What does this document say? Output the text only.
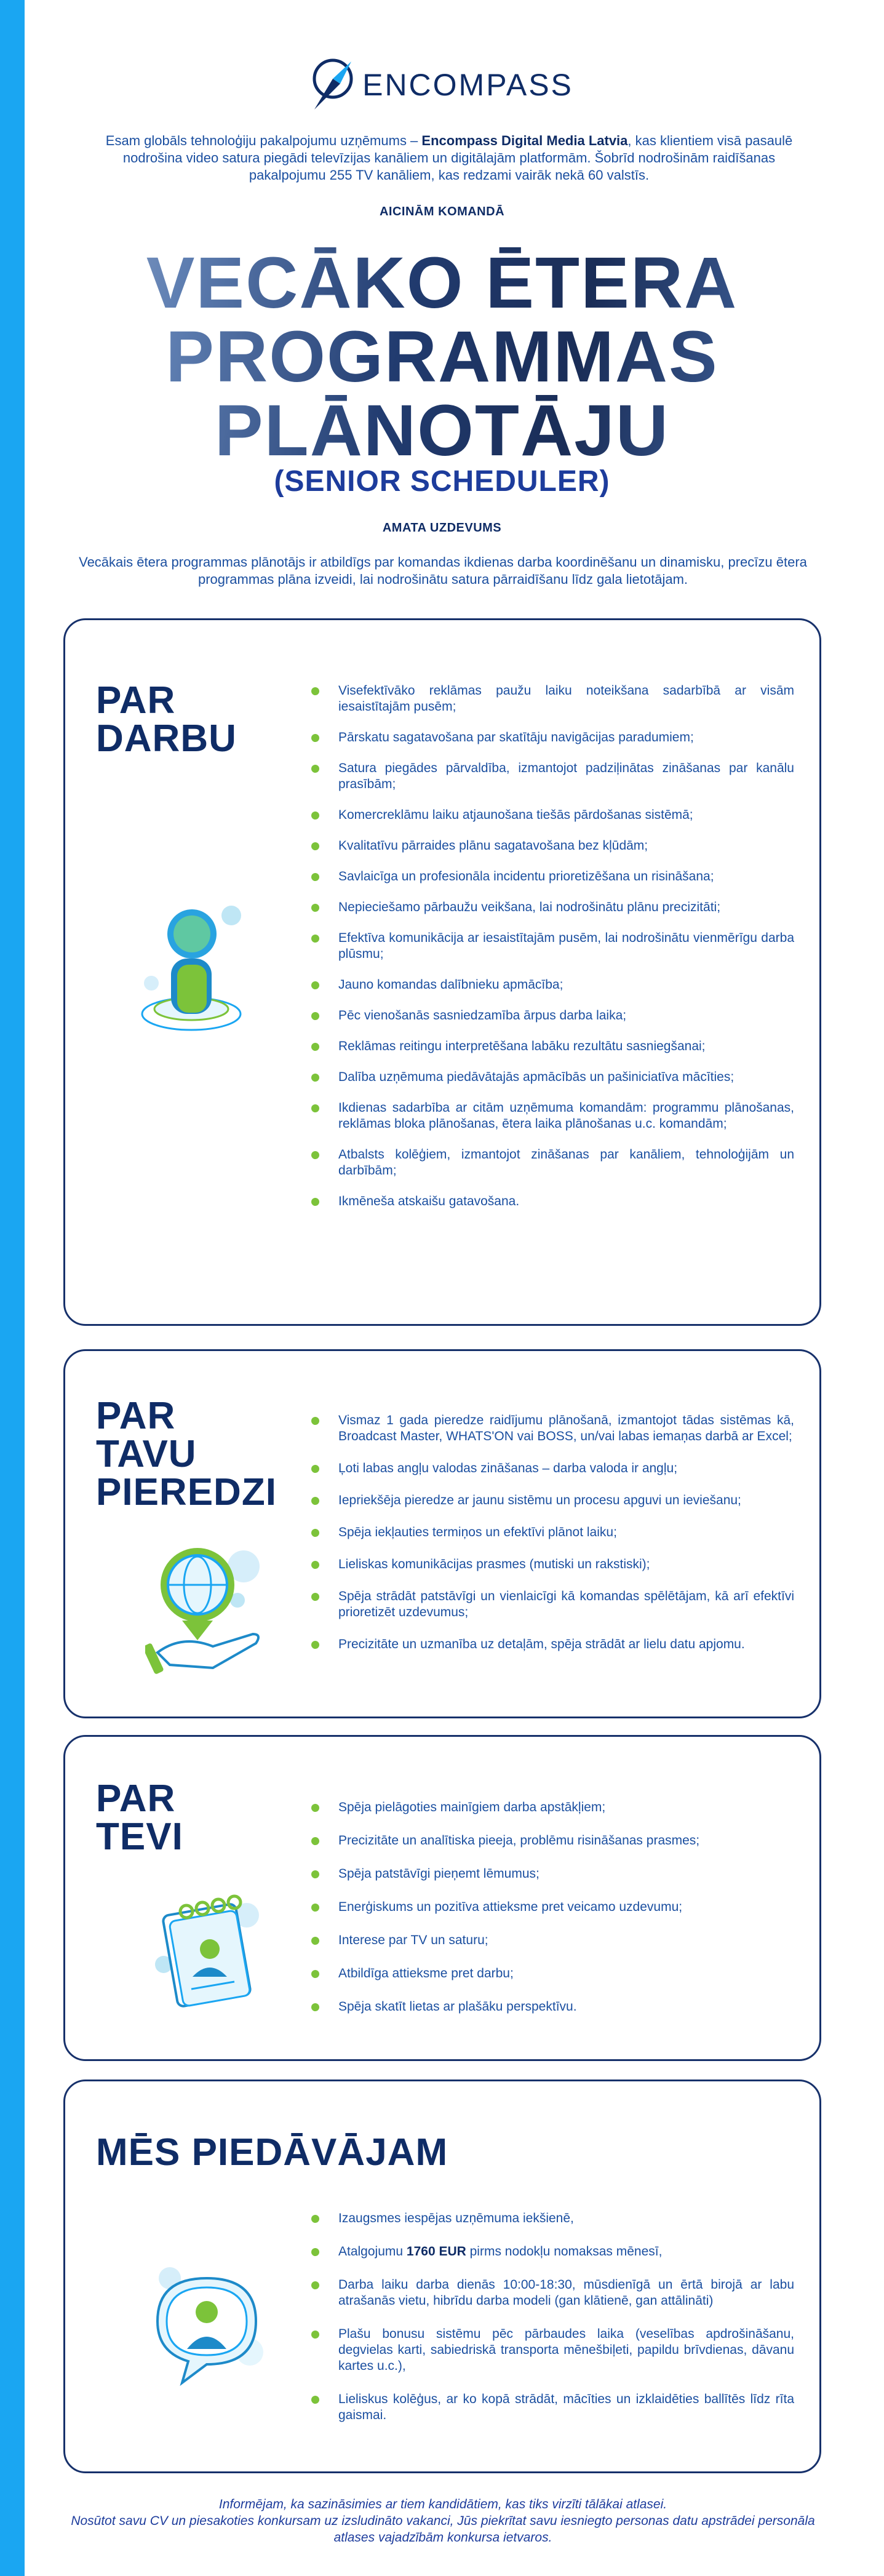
ENCOMPASS

Esam globāls tehnoloģiju pakalpojumu uzņēmums – Encompass Digital Media Latvia, kas klientiem visā pasaulē nodrošina video satura piegādi televīzijas kanāliem un digitālajām platformām. Šobrīd nodrošinām raidīšanas pakalpojumu 255 TV kanāliem, kas redzami vairāk nekā 60 valstīs.

AICINĀM KOMANDĀ
VECĀKO ĒTERA
PROGRAMMAS
PLĀNOTĀJU
(SENIOR SCHEDULER)
AMATA UZDEVUMS

Vecākais ētera programmas plānotājs ir atbildīgs par komandas ikdienas darba koordinēšanu un dinamisku, precīzu ētera programmas plāna izveidi, lai nodrošinātu satura pārraidīšanu līdz gala lietotājam.

PAR
DARBU
Visefektīvāko reklāmas paužu laiku noteikšana sadarbībā ar visām iesaistītajām pusēm;
Pārskatu sagatavošana par skatītāju navigācijas paradumiem;
Satura piegādes pārvaldība, izmantojot padziļinātas zināšanas par kanālu prasībām;
Komercreklāmu laiku atjaunošana tiešās pārdošanas sistēmā;
Kvalitatīvu pārraides plānu sagatavošana bez kļūdām;
Savlaicīga un profesionāla incidentu prioretizēšana un risināšana;
Nepieciešamo pārbaužu veikšana, lai nodrošinātu plānu precizitāti;
Efektīva komunikācija ar iesaistītajām pusēm, lai nodrošinātu vienmērīgu darba plūsmu;
Jauno komandas dalībnieku apmācība;
Pēc vienošanās sasniedzamība ārpus darba laika;
Reklāmas reitingu interpretēšana labāku rezultātu sasniegšanai;
Dalība uzņēmuma piedāvātajās apmācībās un pašiniciatīva mācīties;
Ikdienas sadarbība ar citām uzņēmuma komandām: programmu plānošanas, reklāmas bloka plānošanas, ētera laika plānošanas u.c. komandām;
Atbalsts kolēģiem, izmantojot zināšanas par kanāliem, tehnoloģijām un darbībām;
Ikmēneša atskaišu gatavošana.
PAR
TAVU
PIEREDZI
Vismaz 1 gada pieredze raidījumu plānošanā, izmantojot tādas sistēmas kā, Broadcast Master, WHATS'ON vai BOSS, un/vai labas iemaņas darbā ar Excel;
Ļoti labas angļu valodas zināšanas – darba valoda ir angļu;
Iepriekšēja pieredze ar jaunu sistēmu un procesu apguvi un ieviešanu;
Spēja iekļauties termiņos un efektīvi plānot laiku;
Lieliskas komunikācijas prasmes (mutiski un rakstiski);
Spēja strādāt patstāvīgi un vienlaicīgi kā komandas spēlētājam, kā arī efektīvi prioretizēt uzdevumus;
Precizitāte un uzmanība uz detaļām, spēja strādāt ar lielu datu apjomu.
PAR
TEVI
Spēja pielāgoties mainīgiem darba apstākļiem;
Precizitāte un analītiska pieeja, problēmu risināšanas prasmes;
Spēja patstāvīgi pieņemt lēmumus;
Enerģiskums un pozitīva attieksme pret veicamo uzdevumu;
Interese par TV un saturu;
Atbildīga attieksme pret darbu;
Spēja skatīt lietas ar plašāku perspektīvu.
MĒS PIEDĀVĀJAM
Izaugsmes iespējas uzņēmuma iekšienē,
Atalgojumu 1760 EUR pirms nodokļu nomaksas mēnesī,
Darba laiku darba dienās 10:00-18:30, mūsdienīgā un ērtā birojā ar labu atrašanās vietu, hibrīdu darba modeli (gan klātienē, gan attālināti)
Plašu bonusu sistēmu pēc pārbaudes laika (veselības apdrošināšanu, degvielas karti, sabiedriskā transporta mēnešbiļeti, papildu brīvdienas, dāvanu kartes u.c.),
Lieliskus kolēģus, ar ko kopā strādāt, mācīties un izklaidēties ballītēs līdz rīta gaismai.

Informējam, ka sazināsimies ar tiem kandidātiem, kas tiks virzīti tālākai atlasei.

Nosūtot savu CV un piesakoties konkursam uz izsludināto vakanci, Jūs piekrītat savu iesniegto personas datu apstrādei personāla atlases vajadzībām konkursa ietvaros.
